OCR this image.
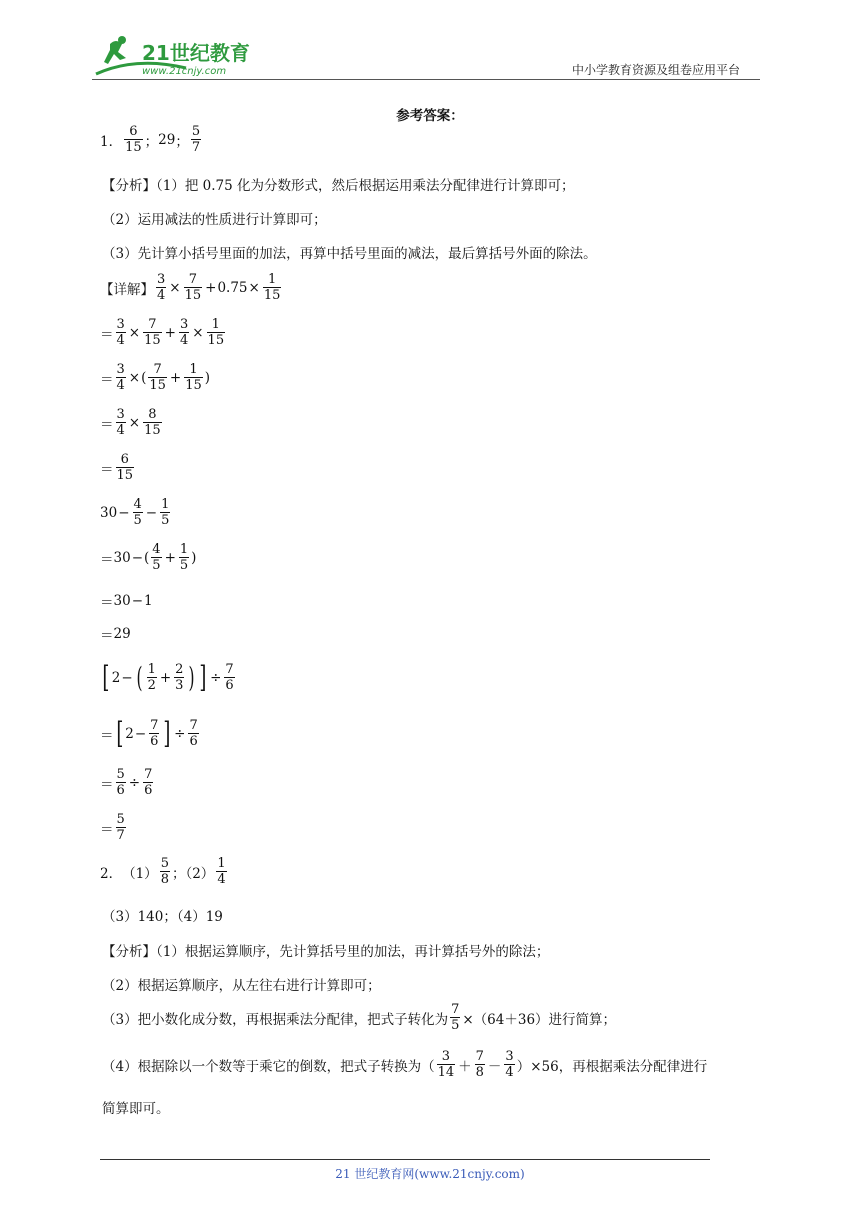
21世纪教育
www.21cnjy.com	中小学教育资源及组卷应用平台
参考答案：
1． $\frac{6}{15}$ ； 29 ； $\frac{5}{7}$
【分析】（1）把 0.75 化为分数形式，然后根据运用乘法分配律进行计算即可；
（2）运用减法的性质进行计算即可；
（3）先计算小括号里面的加法，再算中括号里面的减法，最后算括号外面的除法。
【详解】 $\frac{3}{4} \times \frac{7}{15} + 0.75 \times \frac{1}{15}$
＝ $\frac{3}{4} \times \frac{7}{15} + \frac{3}{4} \times \frac{1}{15}$
＝ $\frac{3}{4}$ × ( $\frac{7}{15} + \frac{1}{15}$ )
＝ $\frac{3}{4} \times \frac{8}{15}$
＝ $\frac{6}{15}$
$30 - \frac{4}{5} - \frac{1}{5}$
＝ 30 − ( $\frac{4}{5} + \frac{1}{5}$ )
＝ 30 − 1
＝ 29
[ 2 − ( $\frac{1}{2} + \frac{2}{3}$ ) ] ÷ $\frac{7}{6}$
＝ [ $2 - \frac{7}{6}$ ] ÷ $\frac{7}{6}$
＝ $\frac{5}{6} \div \frac{7}{6}$
＝ $\frac{5}{7}$
2． $(1) \frac{5}{8}$ ；$(2) \frac{1}{4}$
（3）140；（4）19
【分析】（1）根据运算顺序，先计算括号里的加法，再计算括号外的除法；
（2）根据运算顺序，从左往右进行计算即可；
（3）把小数化成分数，再根据乘法分配律，把式子转化为 $\frac{7}{5} \times(64+36)$进行简算；
（4）根据除以一个数等于乘它的倒数，把式子转换为（ $\frac{3}{14} + \frac{7}{8} - \frac{3}{4} )\times 56$，再根据乘法分配律进行
简算即可。
21 世纪教育网(www.21cnjy.com)
